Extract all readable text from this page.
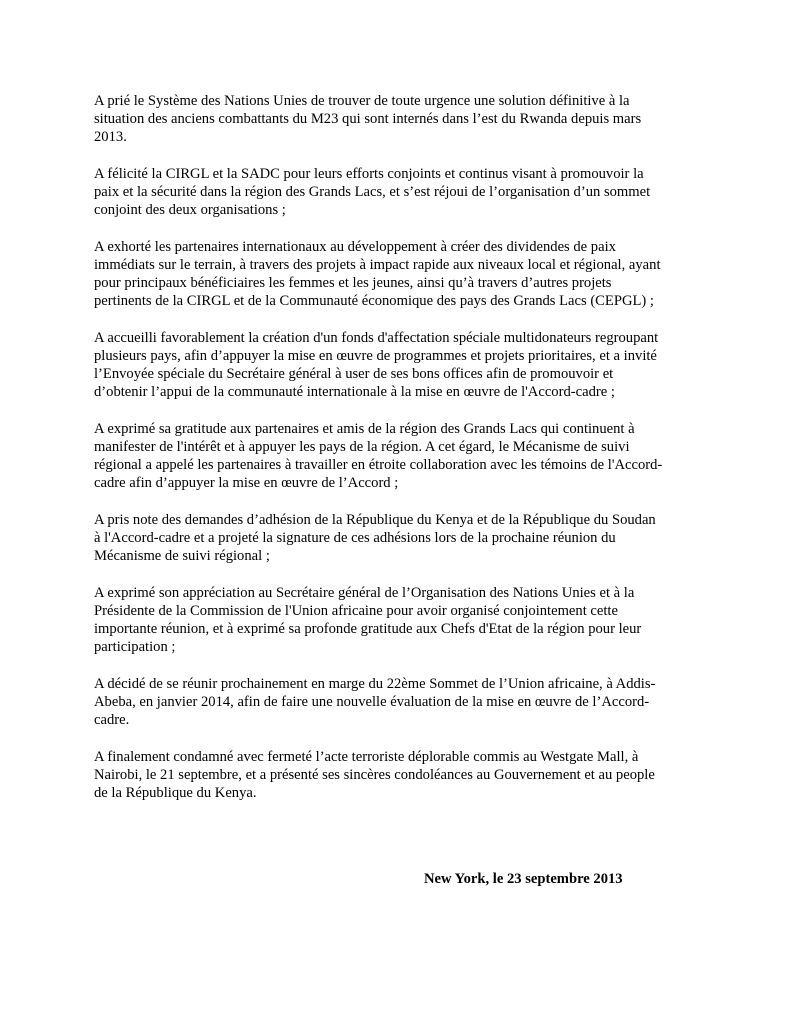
A prié le Système des Nations Unies de trouver de toute urgence une solution définitive à la
situation des anciens combattants du M23 qui sont internés dans l’est du Rwanda depuis mars
2013.

A félicité la CIRGL et la SADC pour leurs efforts conjoints et continus visant à promouvoir la
paix et la sécurité dans la région des Grands Lacs, et s’est réjoui de l’organisation d’un sommet
conjoint des deux organisations ;

A exhorté les partenaires internationaux au développement à créer des dividendes de paix
immédiats sur le terrain, à travers des projets à impact rapide aux niveaux local et régional, ayant
pour principaux bénéficiaires les femmes et les jeunes, ainsi qu’à travers d’autres projets
pertinents de la CIRGL et de la Communauté économique des pays des Grands Lacs (CEPGL) ;

A accueilli favorablement la création d'un fonds d'affectation spéciale multidonateurs regroupant
plusieurs pays, afin d’appuyer la mise en œuvre de programmes et projets prioritaires, et a invité
l’Envoyée spéciale du Secrétaire général à user de ses bons offices afin de promouvoir et
d’obtenir l’appui de la communauté internationale à la mise en œuvre de l'Accord-cadre ;

A exprimé sa gratitude aux partenaires et amis de la région des Grands Lacs qui continuent à
manifester de l'intérêt et à appuyer les pays de la région. A cet égard, le Mécanisme de suivi
régional a appelé les partenaires à travailler en étroite collaboration avec les témoins de l'Accord-
cadre afin d’appuyer la mise en œuvre de l’Accord ;

A pris note des demandes d’adhésion de la République du Kenya et de la République du Soudan
à l'Accord-cadre et a projeté la signature de ces adhésions lors de la prochaine réunion du
Mécanisme de suivi régional ;

A exprimé son appréciation au Secrétaire général de l’Organisation des Nations Unies et à la
Présidente de la Commission de l'Union africaine pour avoir organisé conjointement cette
importante réunion, et à exprimé sa profonde gratitude aux Chefs d'Etat de la région pour leur
participation ;

A décidé de se réunir prochainement en marge du 22ème Sommet de l’Union africaine, à Addis-
Abeba, en janvier 2014, afin de faire une nouvelle évaluation de la mise en œuvre de l’Accord-
cadre.

A finalement condamné avec fermeté l’acte terroriste déplorable commis au Westgate Mall, à
Nairobi, le 21 septembre, et a présenté ses sincères condoléances au Gouvernement et au people
de la République du Kenya.

New York, le 23 septembre 2013
